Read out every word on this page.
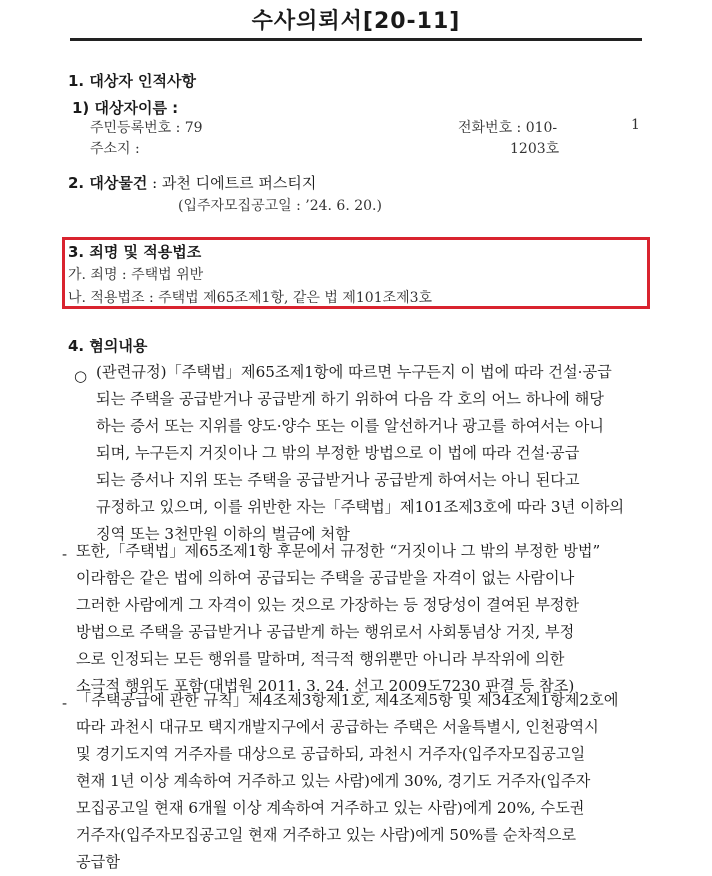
수사의뢰서[20-11]
1. 대상자 인적사항
1) 대상자이름 :
주민등록번호 : 79
주소지 :
전화번호 : 010-	1
1203호
2. 대상물건 : 과천 디에트르 퍼스티지
(입주자모집공고일 : ’24. 6. 20.)
3. 죄명 및 적용법조
가. 죄명 : 주택법 위반
나. 적용법조 : 주택법 제65조제1항, 같은 법 제101조제3호
4. 혐의내용
○ (관련규정)「주택법」제65조제1항에 따르면 누구든지 이 법에 따라 건설·공급
되는 주택을 공급받거나 공급받게 하기 위하여 다음 각 호의 어느 하나에 해당
하는 증서 또는 지위를 양도·양수 또는 이를 알선하거나 광고를 하여서는 아니
되며, 누구든지 거짓이나 그 밖의 부정한 방법으로 이 법에 따라 건설·공급
되는 증서나 지위 또는 주택을 공급받거나 공급받게 하여서는 아니 된다고
규정하고 있으며, 이를 위반한 자는「주택법」제101조제3호에 따라 3년 이하의
징역 또는 3천만원 이하의 벌금에 처함
- 또한,「주택법」제65조제1항 후문에서 규정한 “거짓이나 그 밖의 부정한 방법”
이라함은 같은 법에 의하여 공급되는 주택을 공급받을 자격이 없는 사람이나
그러한 사람에게 그 자격이 있는 것으로 가장하는 등 정당성이 결여된 부정한
방법으로 주택을 공급받거나 공급받게 하는 행위로서 사회통념상 거짓, 부정
으로 인정되는 모든 행위를 말하며, 적극적 행위뿐만 아니라 부작위에 의한
소극적 행위도 포함(대법원 2011. 3. 24. 선고 2009도7230 판결 등 참조)
- 「주택공급에 관한 규칙」제4조제3항제1호, 제4조제5항 및 제34조제1항제2호에
따라 과천시 대규모 택지개발지구에서 공급하는 주택은 서울특별시, 인천광역시
및 경기도지역 거주자를 대상으로 공급하되, 과천시 거주자(입주자모집공고일
현재 1년 이상 계속하여 거주하고 있는 사람)에게 30%, 경기도 거주자(입주자
모집공고일 현재 6개월 이상 계속하여 거주하고 있는 사람)에게 20%, 수도권
거주자(입주자모집공고일 현재 거주하고 있는 사람)에게 50%를 순차적으로
공급함
